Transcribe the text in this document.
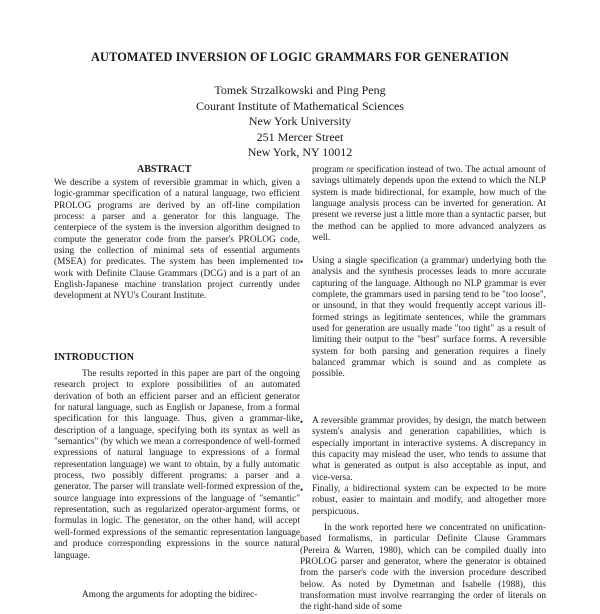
AUTOMATED INVERSION OF LOGIC GRAMMARS FOR GENERATION
Tomek Strzalkowski and Ping Peng
Courant Institute of Mathematical Sciences
New York University
251 Mercer Street
New York, NY 10012
ABSTRACT

We describe a system of reversible grammar in which, given a logic-grammar specification of a natural language, two efficient PROLOG programs are derived by an off-line compilation process: a parser and a generator for this language. The centerpiece of the system is the inversion algorithm designed to compute the generator code from the parser's PROLOG code, using the collection of minimal sets of essential arguments (MSEA) for predicates. The system has been implemented to work with Definite Clause Grammars (DCG) and is a part of an English-Japanese machine translation project currently under development at NYU's Courant Institute.

INTRODUCTION

The results reported in this paper are part of the ongoing research project to explore possibilities of an automated derivation of both an efficient parser and an efficient generator for natural language, such as English or Japanese, from a formal specification for this language. Thus, given a grammar-like description of a language, specifying both its syntax as well as "semantics" (by which we mean a correspondence of well-formed expressions of natural language to expressions of a formal representation language) we want to obtain, by a fully automatic process, two possibly different programs: a parser and a generator. The parser will translate well-formed expression of the source language into expressions of the language of "semantic" representation, such as regularized operator-argument forms, or formulas in logic. The generator, on the other hand, will accept well-formed expressions of the semantic representation language and produce corresponding expressions in the source natural language.

Among the arguments for adopting the bidirec-

program or specification instead of two. The actual amount of savings ultimately depends upon the extend to which the NLP system is made bidirectional, for example, how much of the language analysis process can be inverted for generation. At present we reverse just a little more than a syntactic parser, but the method can be applied to more advanced analyzers as well.

• Using a single specification (a grammar) underlying both the analysis and the synthesis processes leads to more accurate capturing of the language. Although no NLP grammar is ever complete, the grammars used in parsing tend to be "too loose", or unsound, in that they would frequently accept various ill-formed strings as legitimate sentences, while the grammars used for generation are usually made "too tight" as a result of limiting their output to the "best" surface forms. A reversible system for both parsing and generation requires a finely balanced grammar which is sound and as complete as possible.

• A reversible grammar provides, by design, the match between system's analysis and generation capabilities, which is especially important in interactive systems. A discrepancy in this capacity may mislead the user, who tends to assume that what is generated as output is also acceptable as input, and vice-versa.

• Finally, a bidirectional system can be expected to be more robust, easier to maintain and modify, and altogether more perspicuous.

In the work reported here we concentrated on unification-based formalisms, in particular Definite Clause Grammars (Pereira & Warren, 1980), which can be compiled dually into PROLOG parser and generator, where the generator is obtained from the parser's code with the inversion procedure described below. As noted by Dymetman and Isabelle (1988), this transformation must involve rearranging the order of literals on the right-hand side of some
